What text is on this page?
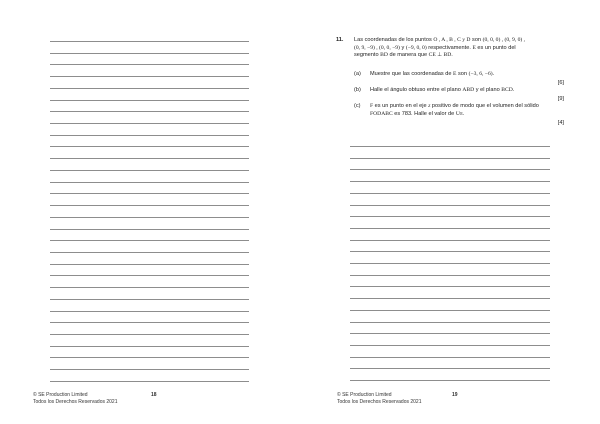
© SE Production Limited
Todos los Derechos Reservados 2021
18
11. Las coordenadas de los puntos O , A , B , C y D son (0, 0, 0) , (0, 9, 0) ,
(0, 9, −9) , (0, 0, −9) y (−9, 0, 0) respectivamente. E es un punto del
segmento BD de manera que CE ⊥ BD.
(a) Muestre que las coordenadas de E son (−3, 6, −6).
[6]
(b) Halle el ángulo obtuso entre el plano ABD y el plano BCD.
[9]
(c) F es un punto en el eje z positivo de modo que el volumen del sólido
FODABC es 783. Halle el valor de Uπ.
[4]
© SE Production Limited
Todos los Derechos Reservados 2021
19
